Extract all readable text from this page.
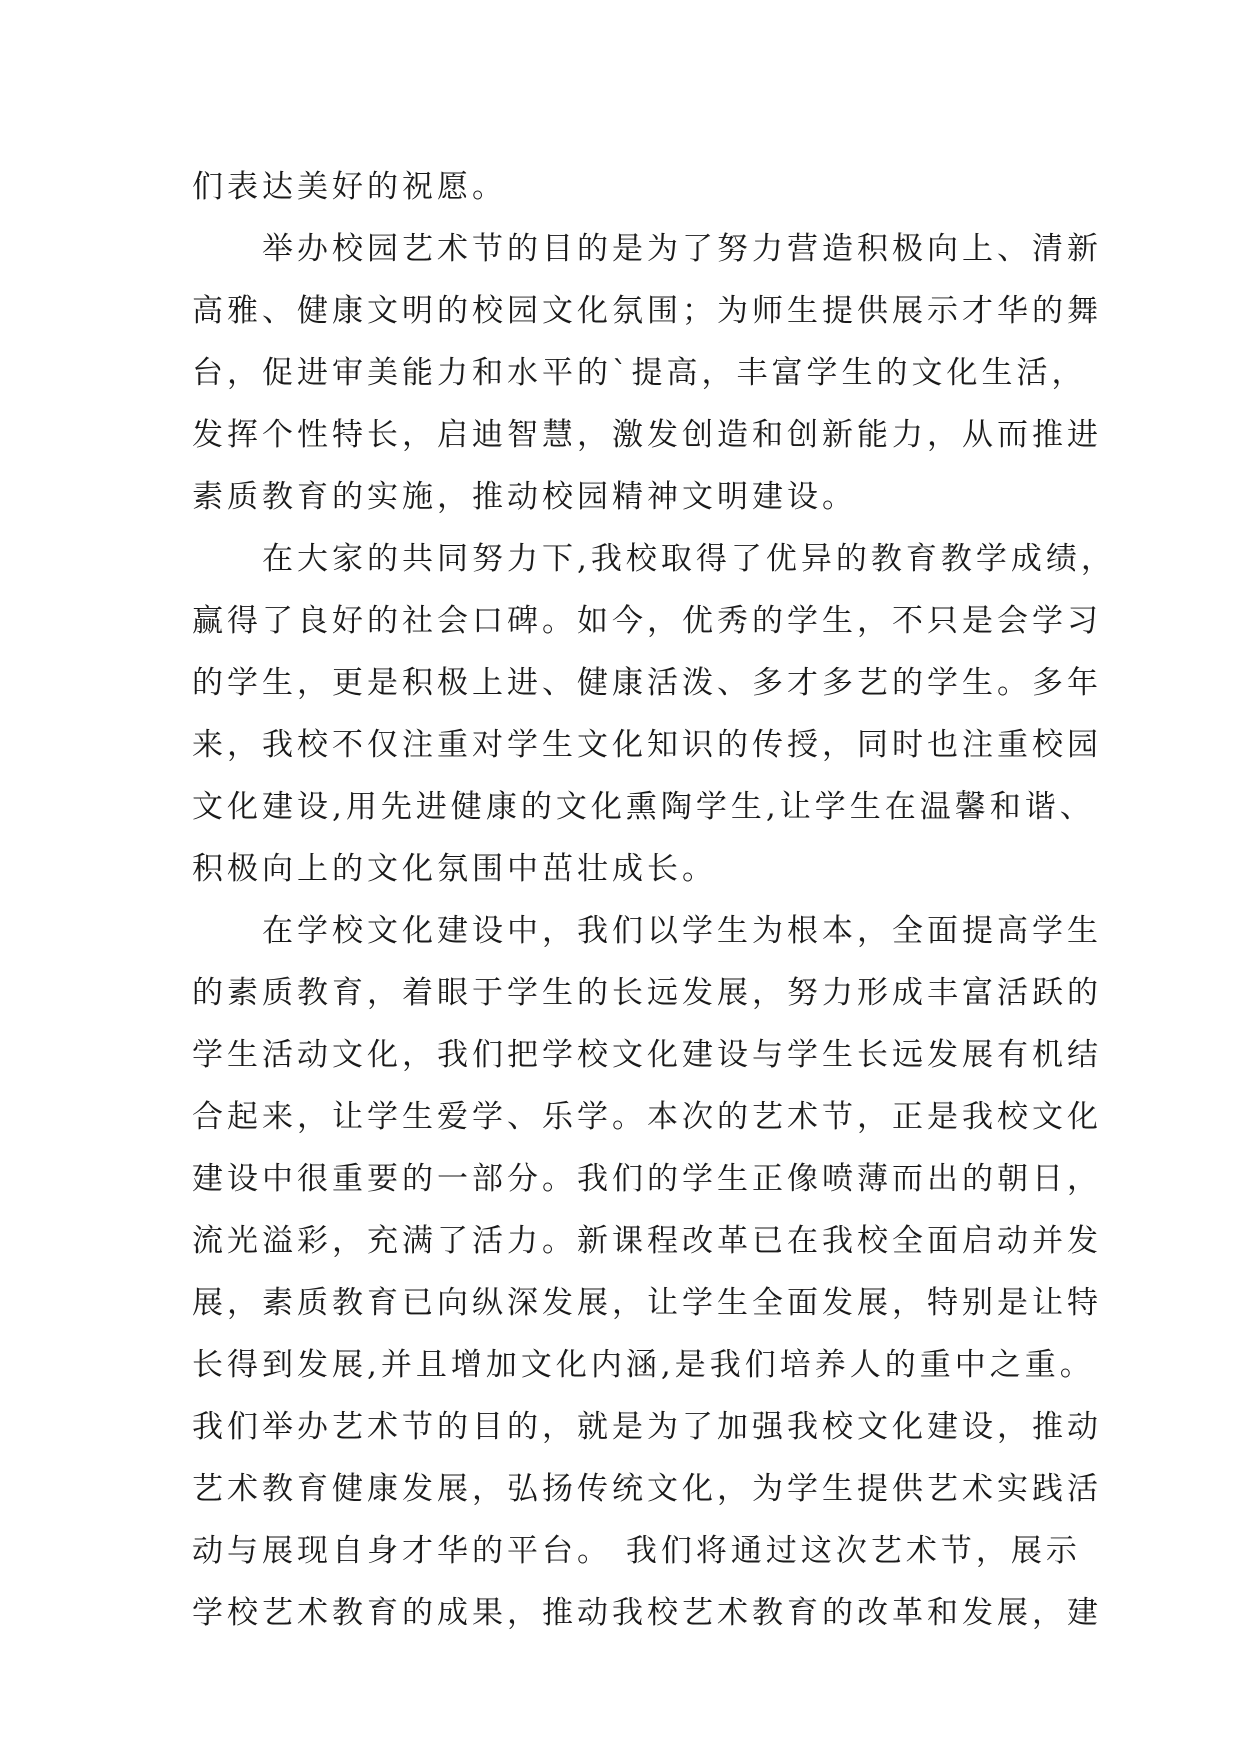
们表达美好的祝愿。
　　举办校园艺术节的目的是为了努力营造积极向上、清新
高雅、健康文明的校园文化氛围；为师生提供展示才华的舞
台，促进审美能力和水平的`提高，丰富学生的文化生活，
发挥个性特长，启迪智慧，激发创造和创新能力，从而推进
素质教育的实施，推动校园精神文明建设。
　　在大家的共同努力下,我校取得了优异的教育教学成绩，
赢得了良好的社会口碑。如今，优秀的学生，不只是会学习
的学生，更是积极上进、健康活泼、多才多艺的学生。多年
来，我校不仅注重对学生文化知识的传授，同时也注重校园
文化建设,用先进健康的文化熏陶学生,让学生在温馨和谐、
积极向上的文化氛围中茁壮成长。
　　在学校文化建设中，我们以学生为根本，全面提高学生
的素质教育，着眼于学生的长远发展，努力形成丰富活跃的
学生活动文化，我们把学校文化建设与学生长远发展有机结
合起来，让学生爱学、乐学。本次的艺术节，正是我校文化
建设中很重要的一部分。我们的学生正像喷薄而出的朝日，
流光溢彩，充满了活力。新课程改革已在我校全面启动并发
展，素质教育已向纵深发展，让学生全面发展，特别是让特
长得到发展,并且增加文化内涵,是我们培养人的重中之重。
我们举办艺术节的目的，就是为了加强我校文化建设，推动
艺术教育健康发展，弘扬传统文化，为学生提供艺术实践活
动与展现自身才华的平台。 我们将通过这次艺术节，展示
学校艺术教育的成果，推动我校艺术教育的改革和发展，建
